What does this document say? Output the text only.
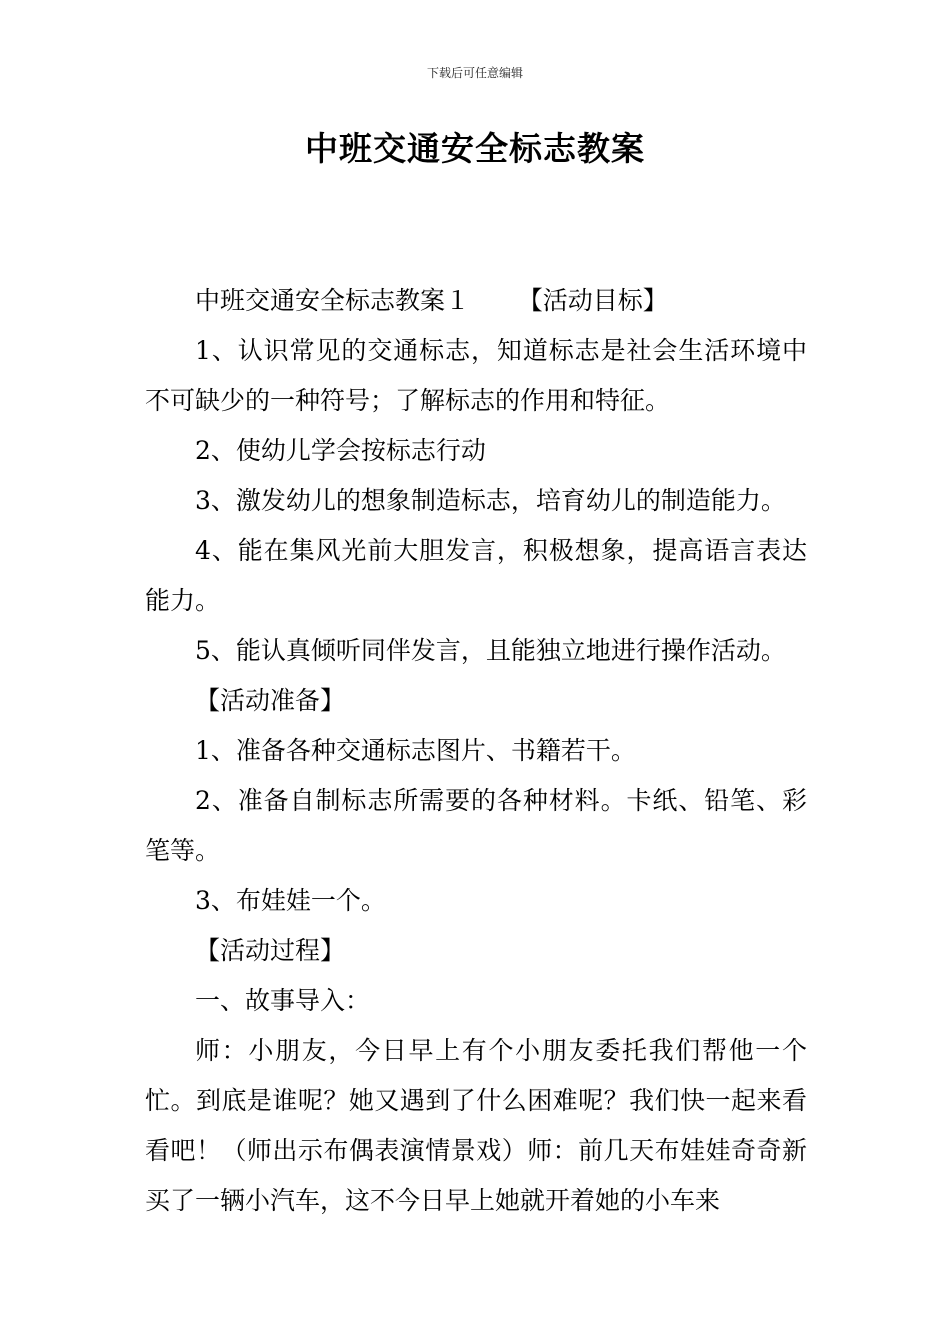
下载后可任意编辑
中班交通安全标志教案

中班交通安全标志教案１ 【活动目标】

1、认识常见的交通标志，知道标志是社会生活环境中不可缺少的一种符号；了解标志的作用和特征。

2、使幼儿学会按标志行动

3、激发幼儿的想象制造标志，培育幼儿的制造能力。

4、能在集风光前大胆发言，积极想象，提高语言表达能力。

5、能认真倾听同伴发言，且能独立地进行操作活动。

【活动准备】

1、准备各种交通标志图片、书籍若干。

2、准备自制标志所需要的各种材料。卡纸、铅笔、彩笔等。

3、布娃娃一个。

【活动过程】

一、故事导入：

师：小朋友，今日早上有个小朋友委托我们帮他一个忙。到底是谁呢？她又遇到了什么困难呢？我们快一起来看看吧！（师出示布偶表演情景戏）师：前几天布娃娃奇奇新买了一辆小汽车，这不今日早上她就开着她的小车来
